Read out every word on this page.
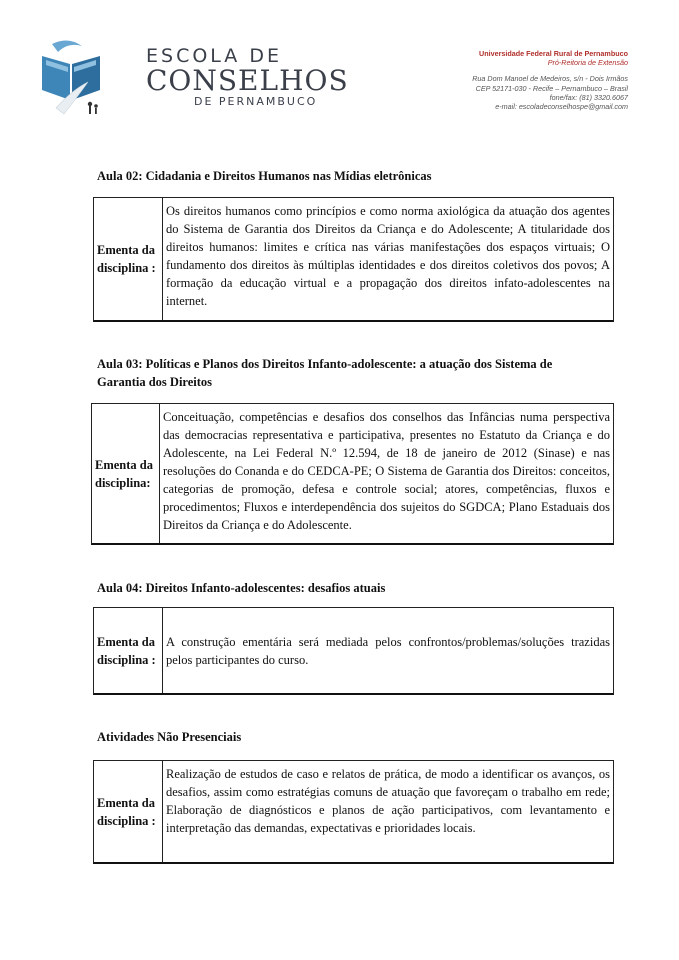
ESCOLA DE
CONSELHOS
DE PERNAMBUCO
Universidade Federal Rural de Pernambuco
Pró-Reitoria de Extensão
Rua Dom Manoel de Medeiros, s/n - Dois Irmãos
CEP 52171-030 - Recife – Pernambuco – Brasil
fone/fax: (81) 3320.6067
e-mail: escoladeconselhospe@gmail.com
Aula 02: Cidadania e Direitos Humanos nas Mídias eletrônicas
Ementa da disciplina :
Os direitos humanos como princípios e como norma axiológica da atuação dos agentes do Sistema de Garantia dos Direitos da Criança e do Adolescente; A titularidade dos direitos humanos: limites e crítica nas várias manifestações dos espaços virtuais; O fundamento dos direitos às múltiplas identidades e dos direitos coletivos dos povos; A formação da educação virtual e a propagação dos direitos infato-adolescentes na internet.
Aula 03: Políticas e Planos dos Direitos Infanto-adolescente: a atuação dos Sistema de Garantia dos Direitos
Ementa da disciplina:
Conceituação, competências e desafios dos conselhos das Infâncias numa perspectiva das democracias representativa e participativa, presentes no Estatuto da Criança e do Adolescente, na Lei Federal N.º 12.594, de 18 de janeiro de 2012 (Sinase) e nas resoluções do Conanda e do CEDCA-PE; O Sistema de Garantia dos Direitos: conceitos, categorias de promoção, defesa e controle social; atores, competências, fluxos e procedimentos; Fluxos e interdependência dos sujeitos do SGDCA; Plano Estaduais dos Direitos da Criança e do Adolescente.
Aula 04: Direitos Infanto-adolescentes: desafios atuais
Ementa da disciplina :
A construção ementária será mediada pelos confrontos/problemas/soluções trazidas pelos participantes do curso.
Atividades Não Presenciais
Ementa da disciplina :
Realização de estudos de caso e relatos de prática, de modo a identificar os avanços, os desafios, assim como estratégias comuns de atuação que favoreçam o trabalho em rede; Elaboração de diagnósticos e planos de ação participativos, com levantamento e interpretação das demandas, expectativas e prioridades locais.
